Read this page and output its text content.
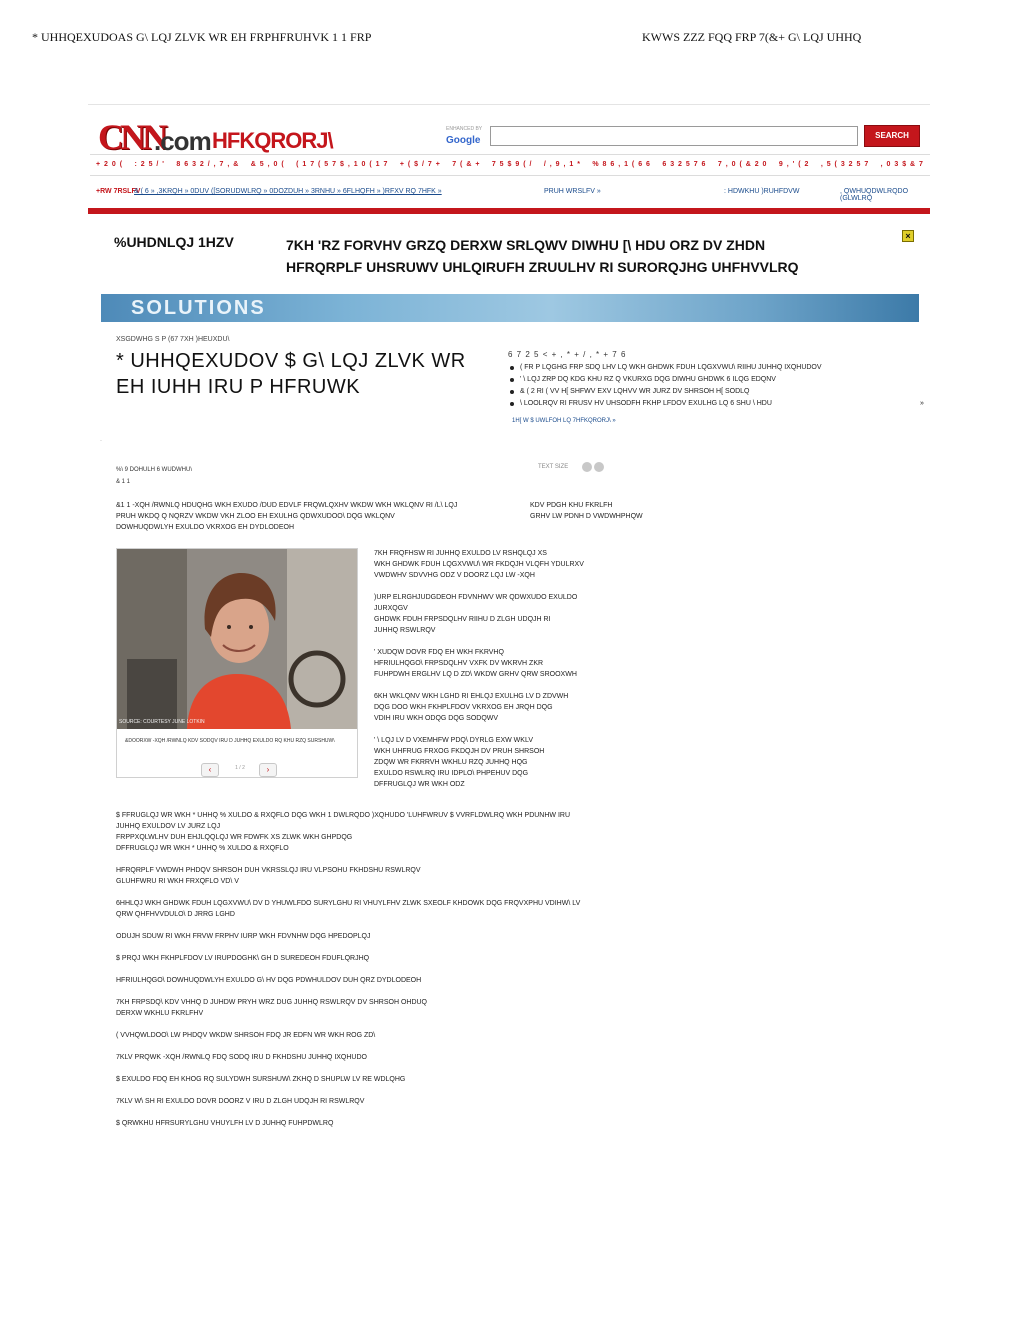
* UHHQEXUDOAS G\ LQJ ZLVK WR EH FRPHFRUHVK 1 1 FRP	KWWS ZZZ FQQ FRP 7(&+ G\ LQJ UHHQ
CNN
.com HFKQRORJ\	ENHANCED BY
Google	SEARCH
+ 2 0 ( : 2 5 / ' 8 6 3 2 / , 7 , & & 5 , 0 ( ( 1 7 ( 5 7 $ , 1 0 ( 1 7 + ( $ / 7 + 7 ( & + 7 5 $ 9 ( / / , 9 , 1 * % 8 6 , 1 ( 6 6 6 3 2 5 7 6 7 , 0 ( & 2 0 9 , ' ( 2 , 5 ( 3 2 5 7 , 0 3 $ & 7
+RW 7RSLFV
& ( 6 » ,3KRQH » 0DUV ([SORUDWLRQ » 0DOZDUH » 3RNHU » 6FLHQFH » )RFXV RQ 7HFK »	PRUH WRSLFV »	: HDWKHU )RUHFDVW	, QWHUQDWLRQDO (GLWLRQ
%UHDNLQJ 1HZV	7KH 'RZ FORVHV GRZQ DERXW SRLQWV DIWHU [\ HDU ORZ DV ZHDN HFRQRPLF UHSRUWV UHLQIRUFH ZRUULHV RI SURORQJHG UHFHVVLRQ
×
SOLUTIONS
XSGDWHG S P (67 7XH )HEUXDU\
* UHHQEXUDOV $ G\ LQJ ZLVK WR EH IUHH IRU P HFRUWK
6 7 2 5 < + , * + / , * + 7 6
( FR P LQGHG FRP SDQ LHV LQ WKH GHDWK FDUH LQGXVWU\ RIIHU JUHHQ IXQHUDOV
' \ LQJ ZRP DQ KDG KHU RZ Q VKURXG DQG DIWHU GHDWK 6 ILQG EDQNV
& ( 2 RI ( VV H[ SHFWV EXV LQHVV WR JURZ DV SHRSOH H[ SODLQ
\ LOOLRQV RI FRUSV HV UHSODFH FKHP LFDOV EXULHG LQ 6 SHU \ HDU	»
1H[ W $ UWLFOH LQ 7HFKQRORJ\ »
·
%\ 9 DOHULH 6 WUDWHU\
& 1 1
TEXT SIZE
&1 1 -XQH /RWNLQ HDUQHG WKH EXUDO /DUD EDVLF FRQWLQXHV WKDW WKH WKLQNV RI /L\ LQJ
PRUH WKDQ Q NQRZV WKDW VKH ZLOO EH EXULHG QDWXUDOO\ DQG WKLQNV
DOWHUQDWLYH EXULDO VKRXOG EH DYDLODEOH
KDV PDGH KHU FKRLFH
GRHV LW PDNH D VWDWHPHQW
SOURCE: COURTESY JUNE LOTKIN
&DOORXW -XQH /RWNLQ KDV SODQV IRU D JUHHQ EXULDO RQ KHU RZQ SURSHUW\
‹	1 / 2	›
7KH FRQFHSW RI JUHHQ EXULDO LV RSHQLQJ XS
WKH GHDWK FDUH LQGXVWU\ WR FKDQJH VLQFH YDULRXV
VWDWHV SDVVHG ODZ V DOORZ LQJ LW -XQH
)URP ELRGHJUDGDEOH FDVNHWV WR QDWXUDO EXULDO JURXQGV
GHDWK FDUH FRPSDQLHV RIIHU D ZLGH UDQJH RI
JUHHQ RSWLRQV
' XUDQW DOVR FDQ EH WKH FKRVHQ
HFRIULHQGO\ FRPSDQLHV VXFK DV WKRVH ZKR
FUHPDWH ERGLHV LQ D ZD\ WKDW GRHV QRW SROOXWH
6KH WKLQNV WKH LGHD RI EHLQJ EXULHG LV D ZDVWH
DQG DOO WKH FKHPLFDOV VKRXOG EH JRQH DQG
VDIH IRU WKH ODQG DQG SODQWV
' \ LQJ LV D VXEMHFW PDQ\ DYRLG EXW WKLV
WKH UHFRUG FRXOG FKDQJH DV PRUH SHRSOH
ZDQW WR FKRRVH WKHLU RZQ JUHHQ HQG
EXULDO RSWLRQ IRU IDPLO\ PHPEHUV DQG
DFFRUGLQJ WR WKH ODZ
$ FFRUGLQJ WR WKH * UHHQ % XULDO & RXQFLO DQG WKH 1 DWLRQDO )XQHUDO 'LUHFWRUV $ VVRFLDWLRQ WKH PDUNHW IRU JUHHQ EXULDOV LV JURZ LQJ
FRPPXQLWLHV DUH EHJLQQLQJ WR FDWFK XS ZLWK WKH GHPDQG
DFFRUGLQJ WR WKH * UHHQ % XULDO & RXQFLO
HFRQRPLF VWDWH PHDQV SHRSOH DUH VKRSSLQJ IRU VLPSOHU FKHDSHU RSWLRQV
GLUHFWRU RI WKH FRXQFLO VD\ V
6HHLQJ WKH GHDWK FDUH LQGXVWU\ DV D YHUWLFDO SURYLGHU RI VHUYLFHV ZLWK SXEOLF KHDOWK DQG FRQVXPHU VDIHW\ LV QRW QHFHVVDULO\ D JRRG LGHD
ODUJH SDUW RI WKH FRVW FRPHV IURP WKH FDVNHW DQG HPEDOPLQJ
$ PRQJ WKH FKHPLFDOV LV IRUPDOGHK\ GH D SUREDEOH FDUFLQRJHQ
HFRIULHQGO\ DOWHUQDWLYH EXULDO G\ HV DQG PDWHULDOV DUH QRZ DYDLODEOH
7KH FRPSDQ\ KDV VHHQ D JUHDW PRYH WRZ DUG JUHHQ RSWLRQV DV SHRSOH OHDUQ
DERXW WKHLU FKRLFHV
( VVHQWLDOO\ LW PHDQV WKDW SHRSOH FDQ JR EDFN WR WKH ROG ZD\
7KLV PRQWK -XQH /RWNLQ FDQ SODQ IRU D FKHDSHU JUHHQ IXQHUDO
$ EXULDO FDQ EH KHOG RQ SULYDWH SURSHUW\ ZKHQ D SHUPLW LV RE WDLQHG
7KLV W\ SH RI EXULDO DOVR DOORZ V IRU D ZLGH UDQJH RI RSWLRQV
$ QRWKHU HFRSURYLGHU VHUYLFH LV D JUHHQ FUHPDWLRQ
  	  
